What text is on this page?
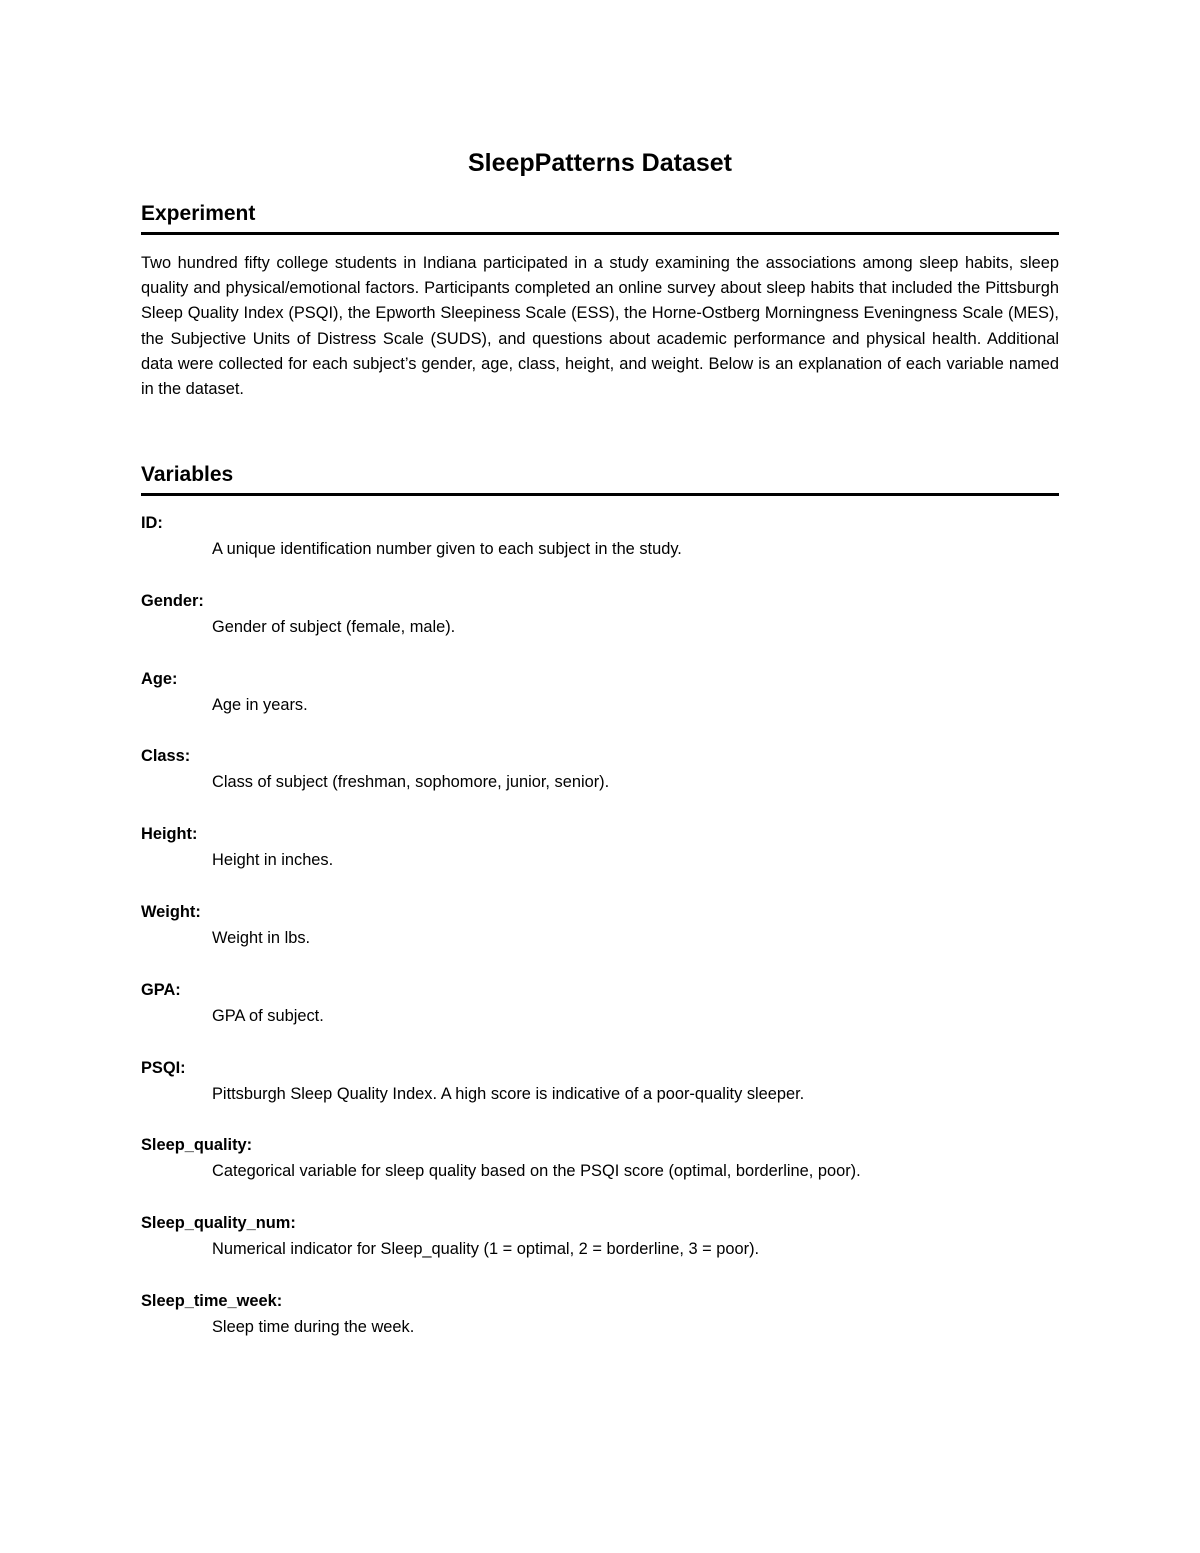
SleepPatterns Dataset
Experiment

Two hundred fifty college students in Indiana participated in a study examining the associations among sleep habits, sleep quality and physical/emotional factors. Participants completed an online survey about sleep habits that included the Pittsburgh Sleep Quality Index (PSQI), the Epworth Sleepiness Scale (ESS), the Horne-Ostberg Morningness Eveningness Scale (MES), the Subjective Units of Distress Scale (SUDS), and questions about academic performance and physical health. Additional data were collected for each subject’s gender, age, class, height, and weight. Below is an explanation of each variable named in the dataset.

Variables
ID:
A unique identification number given to each subject in the study.
Gender:
Gender of subject (female, male).
Age:
Age in years.
Class:
Class of subject (freshman, sophomore, junior, senior).
Height:
Height in inches.
Weight:
Weight in lbs.
GPA:
GPA of subject.
PSQI:
Pittsburgh Sleep Quality Index. A high score is indicative of a poor-quality sleeper.
Sleep_quality:
Categorical variable for sleep quality based on the PSQI score (optimal, borderline, poor).
Sleep_quality_num:
Numerical indicator for Sleep_quality (1 = optimal, 2 = borderline, 3 = poor).
Sleep_time_week:
Sleep time during the week.
